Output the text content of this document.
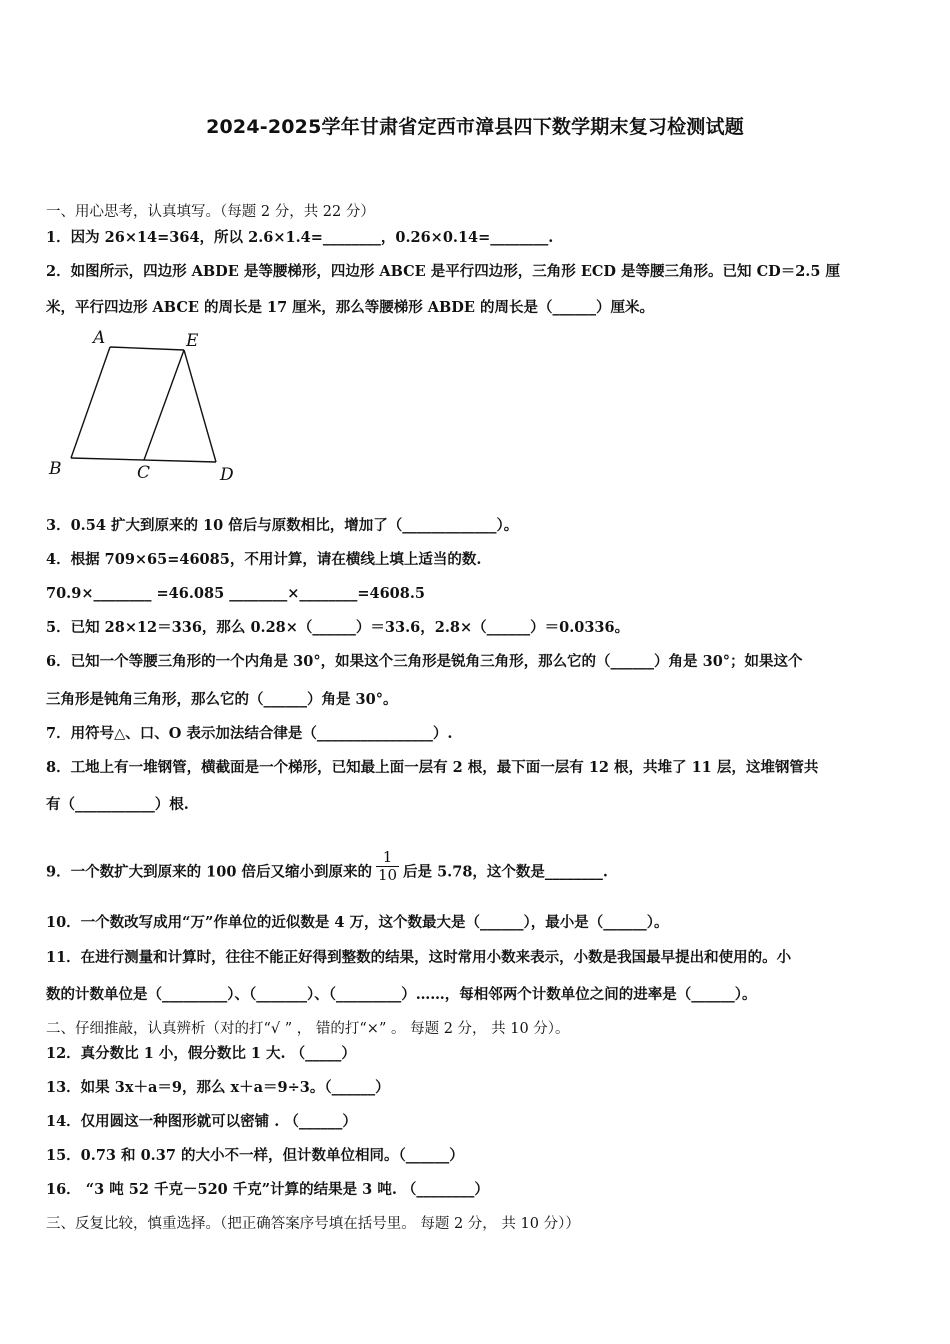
2024-2025学年甘肃省定西市漳县四下数学期末复习检测试题
一、用心思考，认真填写。（每题 2 分，共 22 分）
1．因为 26×14=364，所以 2.6×1.4=________，0.26×0.14=________.
2．如图所示，四边形 ABDE 是等腰梯形，四边形 ABCE 是平行四边形，三角形 ECD 是等腰三角形。已知 CD＝2.5 厘
米，平行四边形 ABCE 的周长是 17 厘米，那么等腰梯形 ABDE 的周长是（______）厘米。
A	E
B	C	D
3．0.54 扩大到原来的 10 倍后与原数相比，增加了（_____________）。
4．根据 709×65=46085，不用计算，请在横线上填上适当的数.
70.9×________ =46.085 ________×________=4608.5
5．已知 28×12＝336，那么 0.28×（______）＝33.6，2.8×（______）＝0.0336。
6．已知一个等腰三角形的一个内角是 30°，如果这个三角形是锐角三角形，那么它的（______）角是 30°；如果这个
三角形是钝角三角形，那么它的（______）角是 30°。
7．用符号△、口、O 表示加法结合律是（________________）.
8．工地上有一堆钢管，横截面是一个梯形，已知最上面一层有 2 根，最下面一层有 12 根，共堆了 11 层，这堆钢管共
有（___________）根.
9．一个数扩大到原来的 100 倍后又缩小到原来的 $\frac{1}{10}$ 后是 5.78，这个数是________.
10．一个数改写成用“万”作单位的近似数是 4 万，这个数最大是（______），最小是（______）。
11．在进行测量和计算时，往往不能正好得到整数的结果，这时常用小数来表示，小数是我国最早提出和使用的。小
数的计数单位是（_________）、（_______）、（_________）……，每相邻两个计数单位之间的进率是（______）。
二、仔细推敲，认真辨析（对的打“√ ” ， 错的打“×” 。 每题 2 分， 共 10 分）。
12．真分数比 1 小，假分数比 1 大. （_____）
13．如果 3x＋a＝9，那么 x＋a＝9÷3。（______）
14．仅用圆这一种图形就可以密铺 . （______）
15．0.73 和 0.37 的大小不一样，但计数单位相同。（______）
16． “3 吨 52 千克－520 千克”计算的结果是 3 吨. （________）
三、反复比较，慎重选择。（把正确答案序号填在括号里。 每题 2 分， 共 10 分））
